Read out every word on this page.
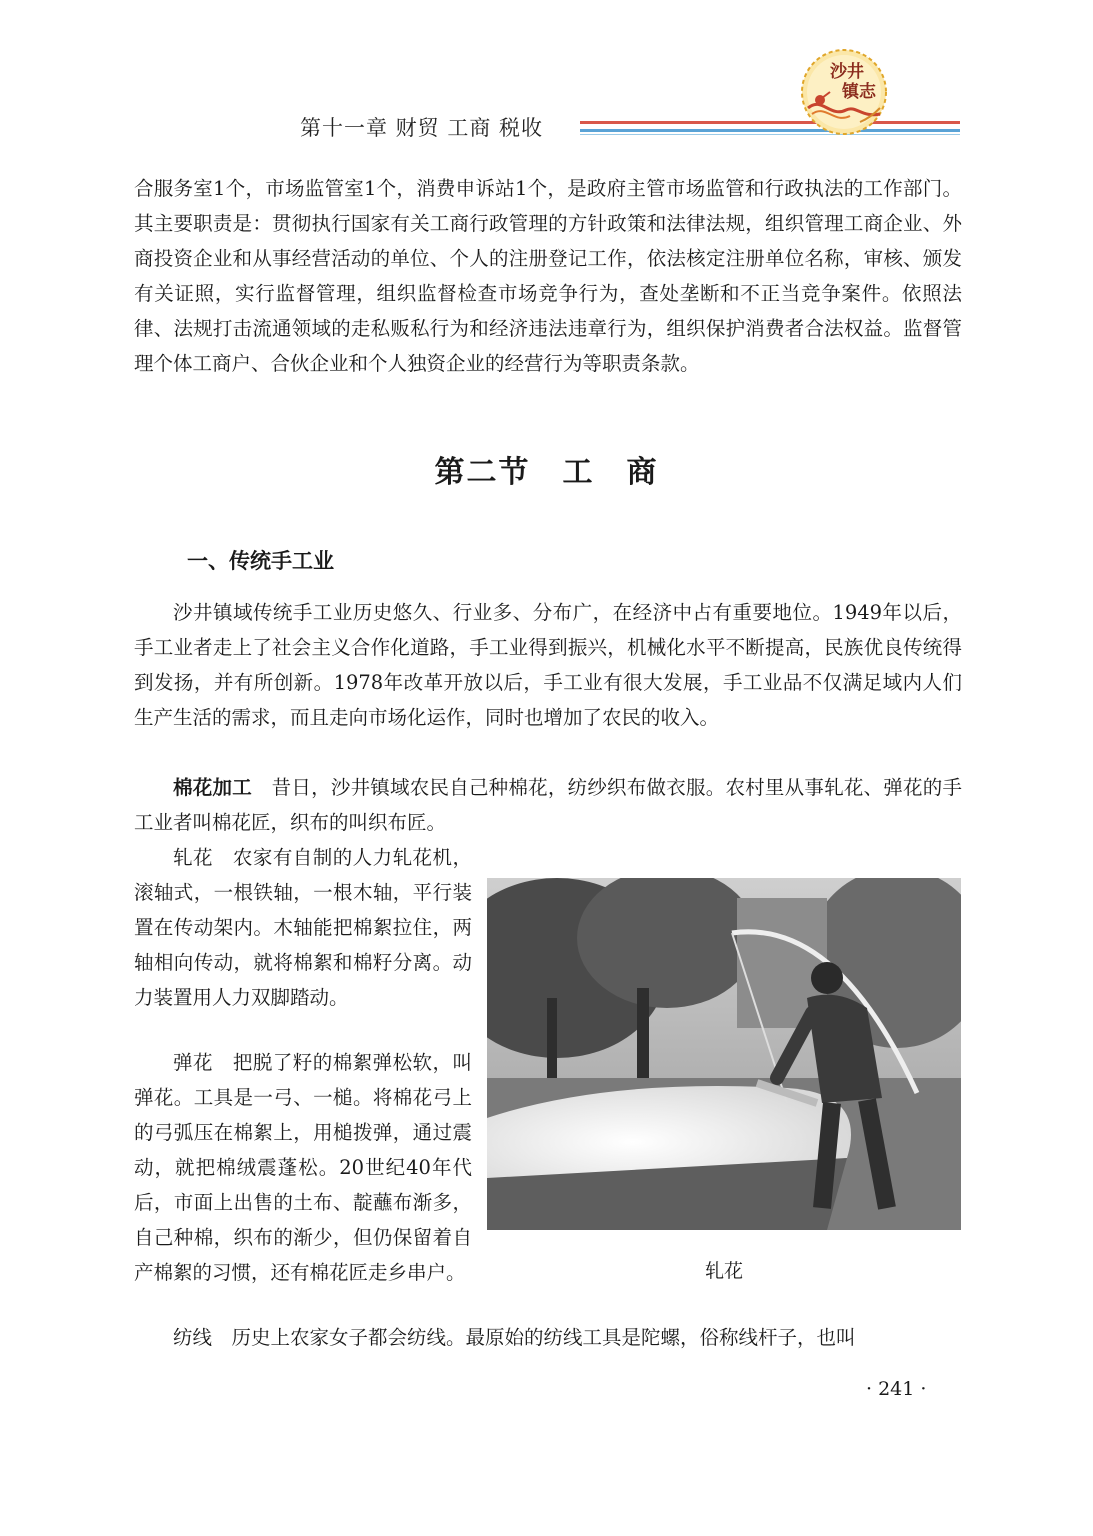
第十一章 财贸 工商 税收
沙井
镇志

合服务室1个，市场监管室1个，消费申诉站1个，是政府主管市场监管和行政执法的工作部门。其主要职责是：贯彻执行国家有关工商行政管理的方针政策和法律法规，组织管理工商企业、外商投资企业和从事经营活动的单位、个人的注册登记工作，依法核定注册单位名称，审核、颁发有关证照，实行监督管理，组织监督检查市场竞争行为，查处垄断和不正当竞争案件。依照法律、法规打击流通领域的走私贩私行为和经济违法违章行为，组织保护消费者合法权益。监督管理个体工商户、合伙企业和个人独资企业的经营行为等职责条款。

第二节　工　商
一、传统手工业

沙井镇域传统手工业历史悠久、行业多、分布广，在经济中占有重要地位。1949年以后，手工业者走上了社会主义合作化道路，手工业得到振兴，机械化水平不断提高，民族优良传统得到发扬，并有所创新。1978年改革开放以后，手工业有很大发展，手工业品不仅满足域内人们生产生活的需求，而且走向市场化运作，同时也增加了农民的收入。

棉花加工　昔日，沙井镇域农民自己种棉花，纺纱织布做衣服。农村里从事轧花、弹花的手工业者叫棉花匠，织布的叫织布匠。

轧花　农家有自制的人力轧花机，滚轴式，一根铁轴，一根木轴，平行装置在传动架内。木轴能把棉絮拉住，两轴相向传动，就将棉絮和棉籽分离。动力装置用人力双脚踏动。

弹花　把脱了籽的棉絮弹松软，叫弹花。工具是一弓、一槌。将棉花弓上的弓弧压在棉絮上，用槌拨弹，通过震动，就把棉绒震蓬松。20世纪40年代后，市面上出售的土布、靛蘸布渐多，自己种棉，织布的渐少，但仍保留着自产棉絮的习惯，还有棉花匠走乡串户。	轧花

纺线　历史上农家女子都会纺线。最原始的纺线工具是陀螺，俗称线杆子，也叫

· 241 ·
